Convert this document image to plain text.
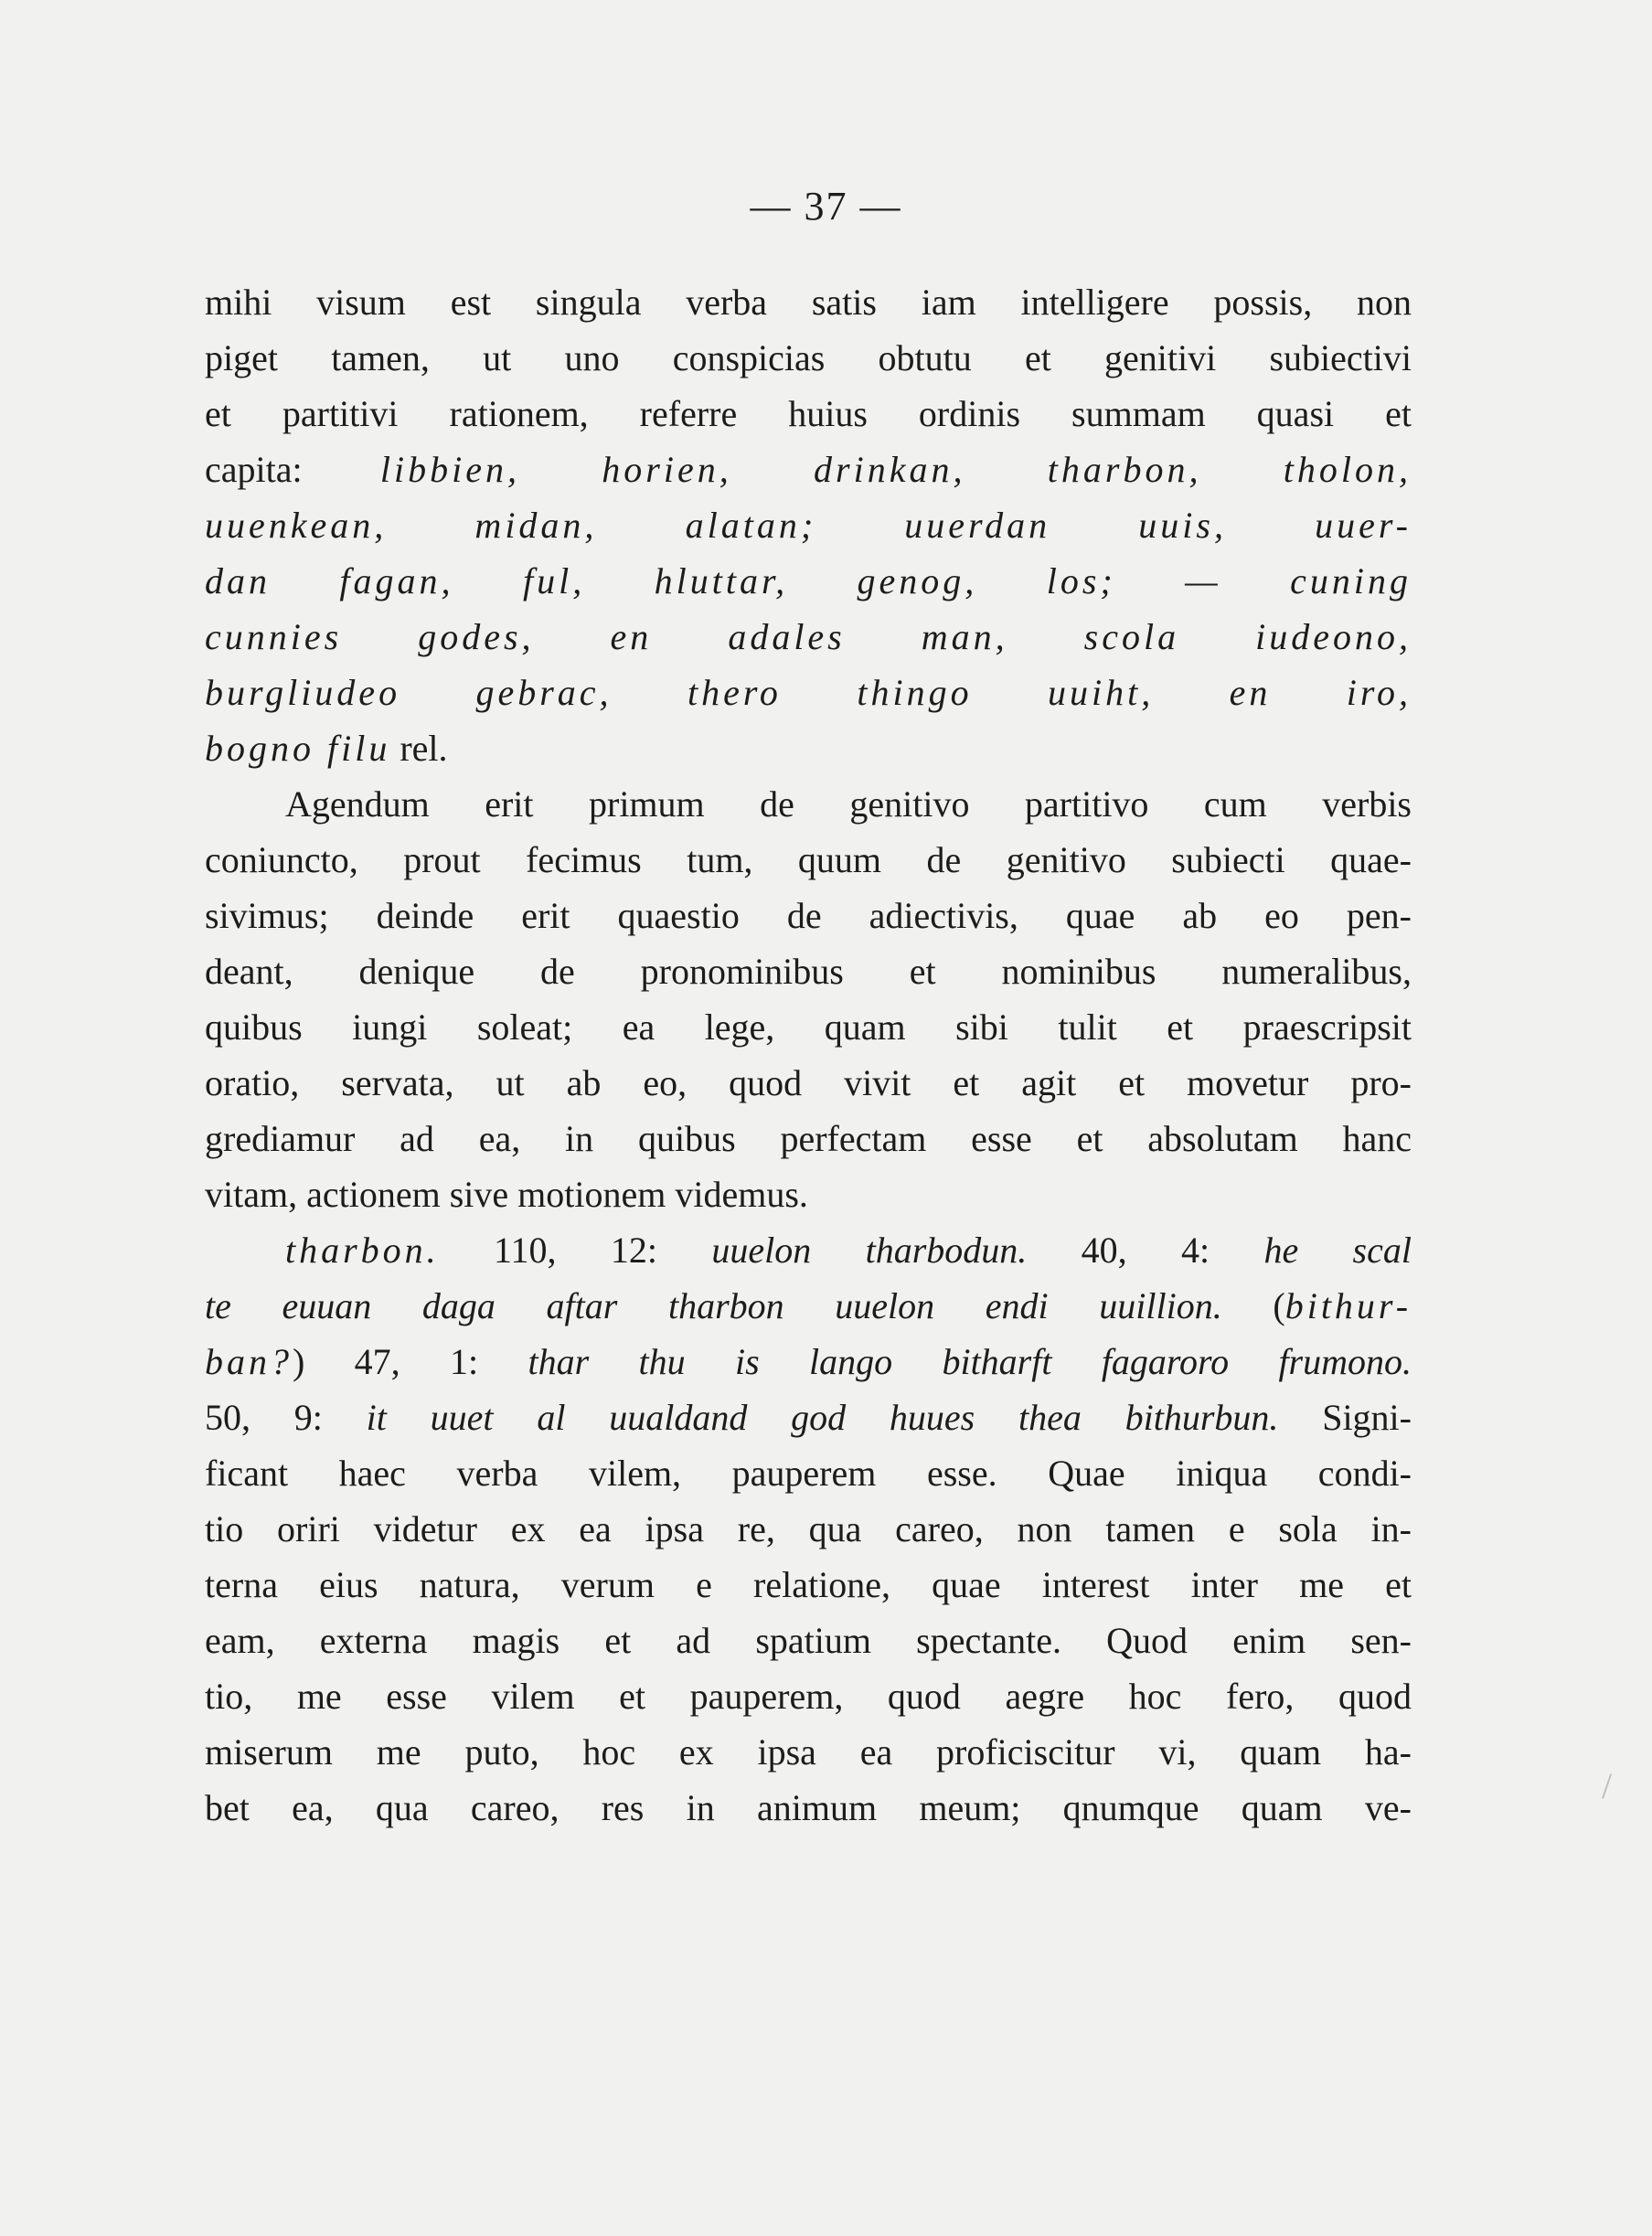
— 37 —
mihi visum est singula verba satis iam intelligere possis, non
piget tamen, ut uno conspicias obtutu et genitivi subiectivi
et partitivi rationem, referre huius ordinis summam quasi et
capita: libbien, horien, drinkan, tharbon, tholon,
uuenkean, midan, alatan; uuerdan uuis, uuer-
dan fagan, ful, hluttar, genog, los; — cuning
cunnies godes, en adales man, scola iudeono,
burgliudeo gebrac, thero thingo uuiht, en iro,
bogno filu rel.
Agendum erit primum de genitivo partitivo cum verbis
coniuncto, prout fecimus tum, quum de genitivo subiecti quae-
sivimus; deinde erit quaestio de adiectivis, quae ab eo pen-
deant, denique de pronominibus et nominibus numeralibus,
quibus iungi soleat; ea lege, quam sibi tulit et praescripsit
oratio, servata, ut ab eo, quod vivit et agit et movetur pro-
grediamur ad ea, in quibus perfectam esse et absolutam hanc
vitam, actionem sive motionem videmus.
tharbon. 110, 12: uuelon tharbodun. 40, 4: he scal
te euuan daga aftar tharbon uuelon endi uuillion. (bithur-
ban?) 47, 1: thar thu is lango bitharft fagaroro frumono.
50, 9: it uuet al uualdand god huues thea bithurbun. Signi-
ficant haec verba vilem, pauperem esse. Quae iniqua condi-
tio oriri videtur ex ea ipsa re, qua careo, non tamen e sola in-
terna eius natura, verum e relatione, quae interest inter me et
eam, externa magis et ad spatium spectante. Quod enim sen-
tio, me esse vilem et pauperem, quod aegre hoc fero, quod
miserum me puto, hoc ex ipsa ea proficiscitur vi, quam ha-
bet ea, qua careo, res in animum meum; qnumque quam ve-
/
